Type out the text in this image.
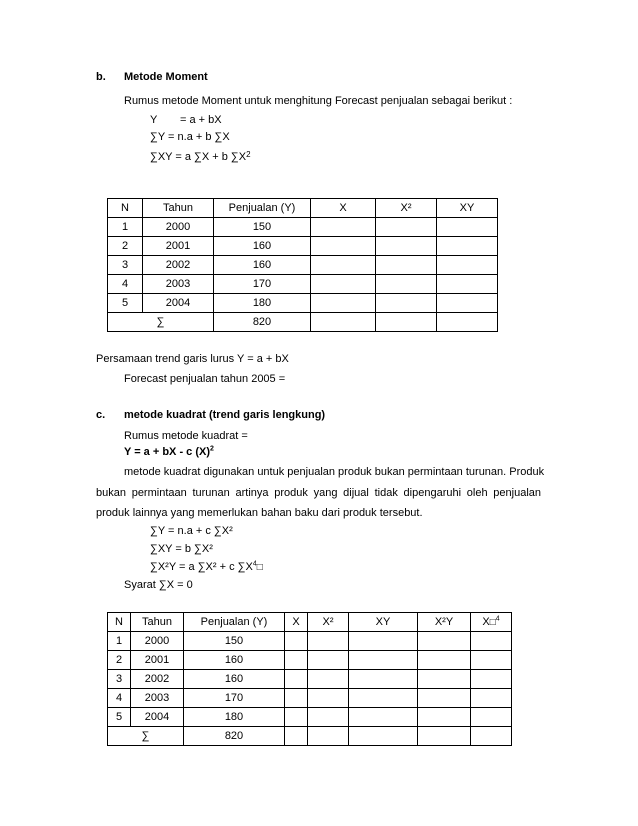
b. Metode Moment
Rumus metode Moment untuk menghitung Forecast penjualan sebagai berikut :
Y = a + bX
∑Y = n.a + b ∑X
∑XY = a ∑X + b $\sum X^2$
N	Tahun	Penjualan (Y)	X	X²	XY
1	2000	150			
2	2001	160			
3	2002	160			
4	2003	170			
5	2004	180			
∑		820			
Persamaan trend garis lurus Y = a + bX
Forecast penjualan tahun 2005 =
c. metode kuadrat (trend garis lengkung)
Rumus metode kuadrat =
Y = a + bX - c $(X)^2$
metode kuadrat digunakan untuk penjualan produk bukan permintaan turunan. Produk
bukan permintaan turunan artinya produk yang dijual tidak dipengaruhi oleh penjualan
produk lainnya yang memerlukan bahan baku dari produk tersebut.
∑Y = n.a + c ∑X²
∑XY = b ∑X²
∑X²Y = a ∑X² + c $\sum X^4□$
Syarat ∑X = 0
N	Tahun	Penjualan (Y)	X	X²	XY	X²Y	X□$^4$
1	2000	150					
2	2001	160					
3	2002	160					
4	2003	170					
5	2004	180					
∑		820					
